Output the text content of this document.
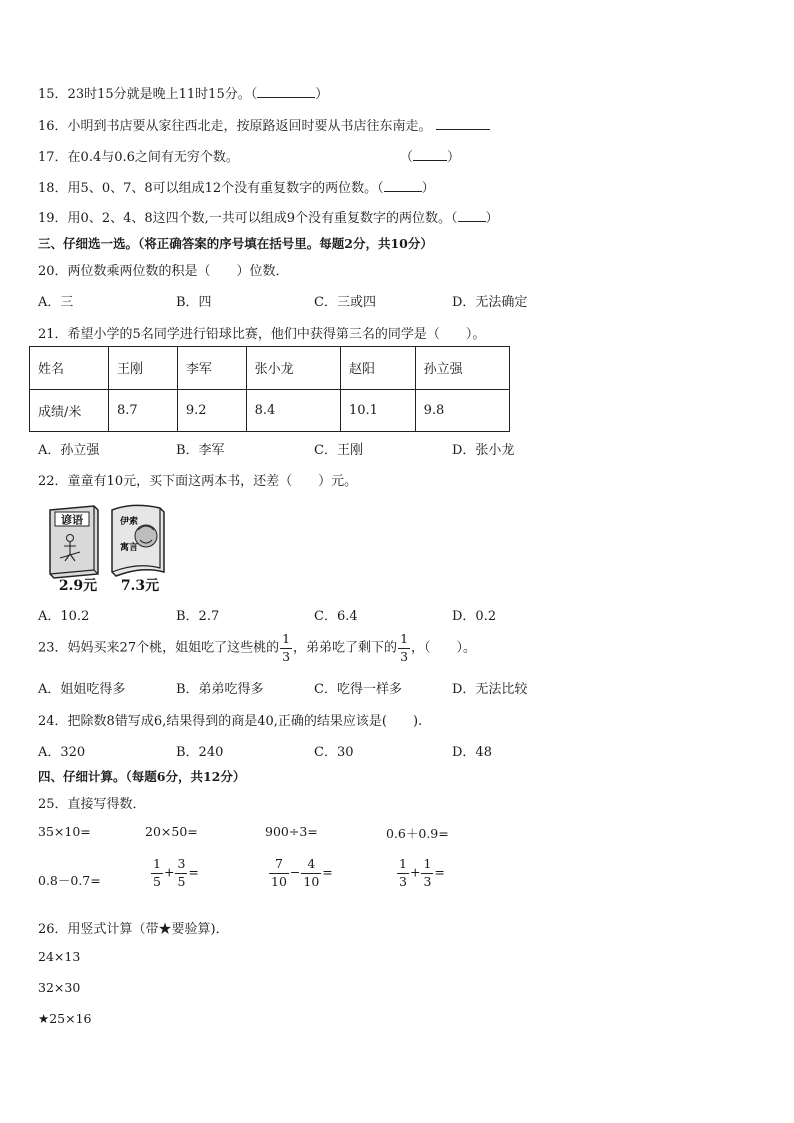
15．23时15分就是晚上11时15分。（	）
16．小明到书店要从家往西北走，按原路返回时要从书店往东南走。
17．在0.4与0.6之间有无穷个数。	（	）
18．用5、0、7、8可以组成12个没有重复数字的两位数。（	）
19．用0、2、4、8这四个数,一共可以组成9个没有重复数字的两位数。（ ）
三、仔细选一选。（将正确答案的序号填在括号里。每题2分，共10分）
20．两位数乘两位数的积是（　　）位数．
A．三	B．四	C．三或四	D．无法确定
21．希望小学的5名同学进行铅球比赛，他们中获得第三名的同学是（　　）。
姓名	王刚	李军	张小龙	赵阳	孙立强
成绩/米	8.7	9.2	8.4	10.1	9.8
A．孙立强	B．李军	C．王刚	D．张小龙
22．童童有10元，买下面这两本书，还差（　　）元。
谚语	伊索
寓言
2.9元 7.3元
A．10.2	B．2.7	C．6.4	D．0.2
23．妈妈买来27个桃，姐姐吃了这些桃的 $\frac{1}{3}$ ，弟弟吃了剩下的 $\frac{1}{3}$ ，（　　）。
A．姐姐吃得多	B．弟弟吃得多	C．吃得一样多	D．无法比较
24．把除数8错写成6,结果得到的商是40,正确的结果应该是(　　).
A．320	B．240	C．30	D．48
四、仔细计算。（每题6分，共12分）
25．直接写得数．
35×10=	20×50=	900÷3=	0.6＋0.9=
0.8－0.7=	$\frac{1}{5} + \frac{3}{5}$ =	$\frac{7}{10} - \frac{4}{10}$ =	$\frac{1}{3} + \frac{1}{3}$ =
26．用竖式计算（带★要验算)．
24×13
32×30
★25×16
